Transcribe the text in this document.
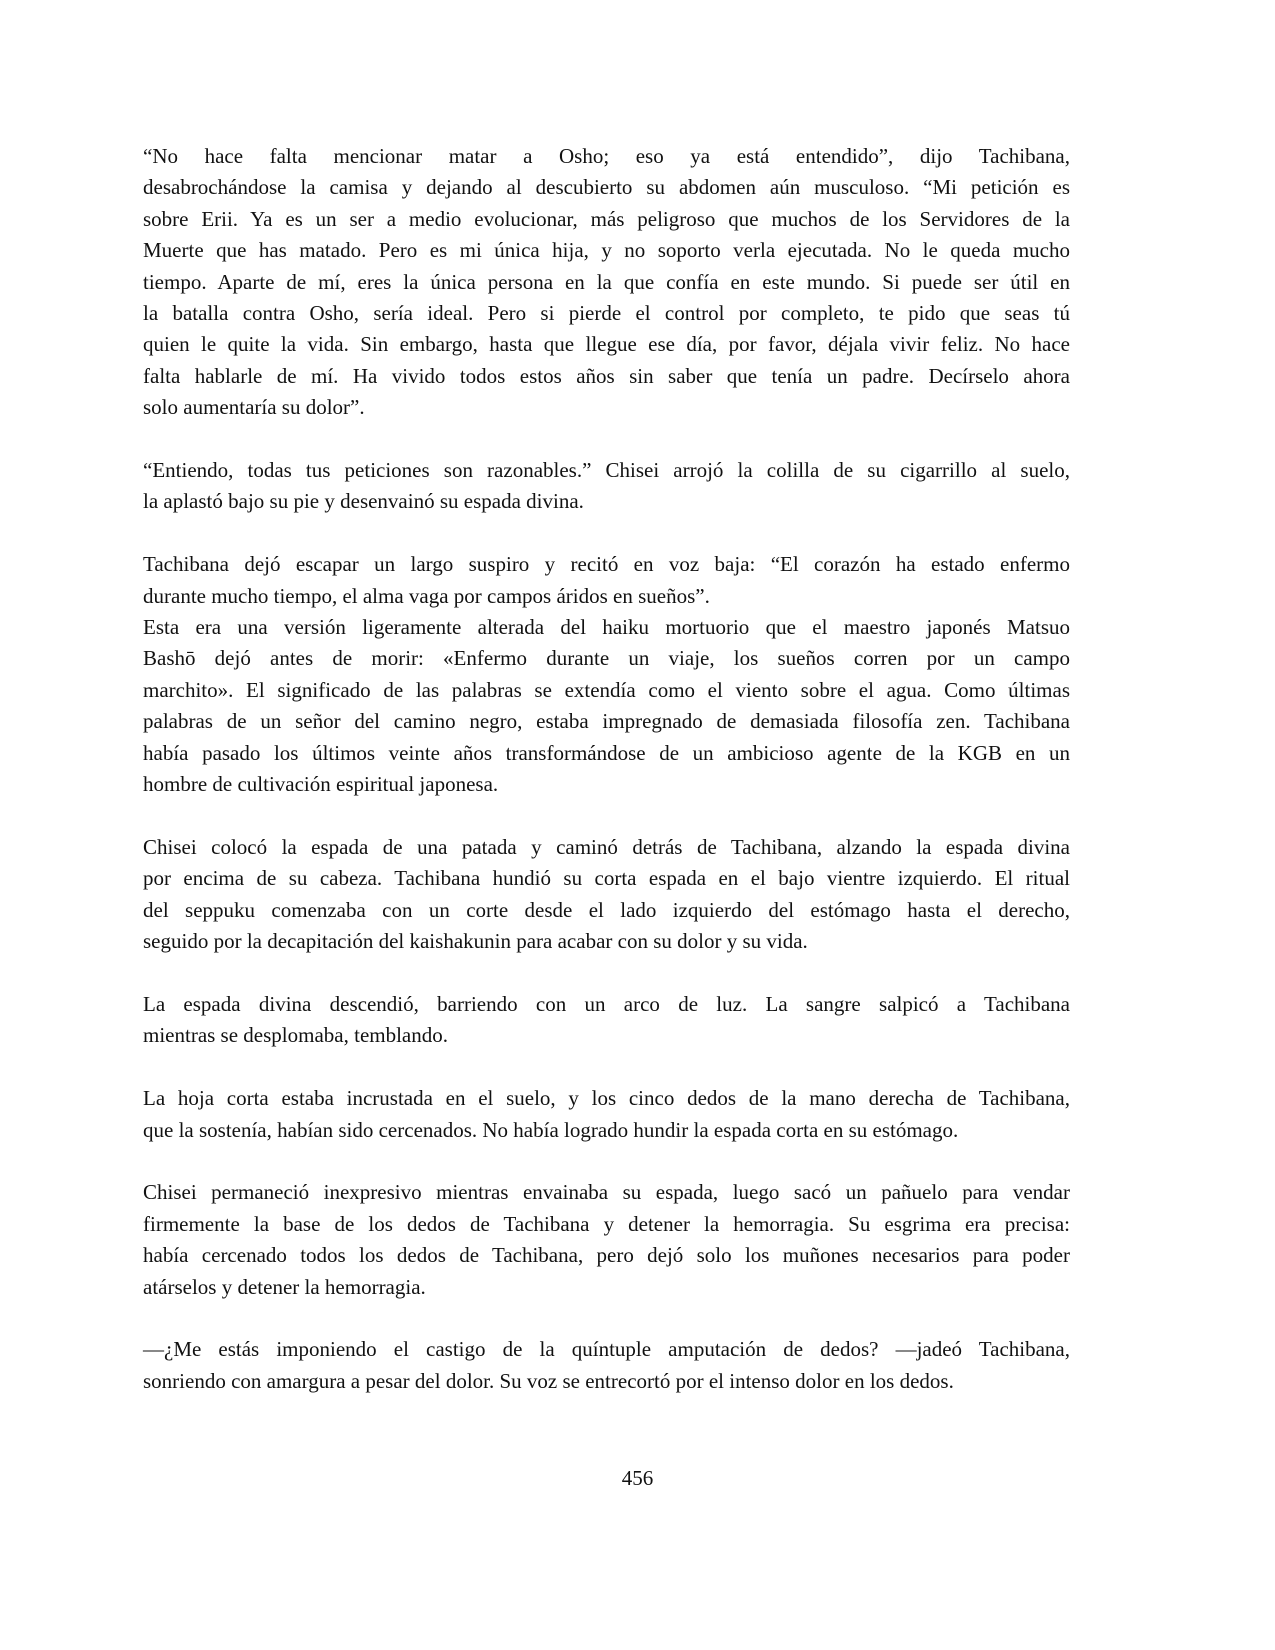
“No hace falta mencionar matar a Osho; eso ya está entendido”, dijo Tachibana,
desabrochándose la camisa y dejando al descubierto su abdomen aún musculoso. “Mi petición es
sobre Erii. Ya es un ser a medio evolucionar, más peligroso que muchos de los Servidores de la
Muerte que has matado. Pero es mi única hija, y no soporto verla ejecutada. No le queda mucho
tiempo. Aparte de mí, eres la única persona en la que confía en este mundo. Si puede ser útil en
la batalla contra Osho, sería ideal. Pero si pierde el control por completo, te pido que seas tú
quien le quite la vida. Sin embargo, hasta que llegue ese día, por favor, déjala vivir feliz. No hace
falta hablarle de mí. Ha vivido todos estos años sin saber que tenía un padre. Decírselo ahora
solo aumentaría su dolor”.
“Entiendo, todas tus peticiones son razonables.” Chisei arrojó la colilla de su cigarrillo al suelo,
la aplastó bajo su pie y desenvainó su espada divina.
Tachibana dejó escapar un largo suspiro y recitó en voz baja: “El corazón ha estado enfermo
durante mucho tiempo, el alma vaga por campos áridos en sueños”.
Esta era una versión ligeramente alterada del haiku mortuorio que el maestro japonés Matsuo
Bashō dejó antes de morir: «Enfermo durante un viaje, los sueños corren por un campo
marchito». El significado de las palabras se extendía como el viento sobre el agua. Como últimas
palabras de un señor del camino negro, estaba impregnado de demasiada filosofía zen. Tachibana
había pasado los últimos veinte años transformándose de un ambicioso agente de la KGB en un
hombre de cultivación espiritual japonesa.
Chisei colocó la espada de una patada y caminó detrás de Tachibana, alzando la espada divina
por encima de su cabeza. Tachibana hundió su corta espada en el bajo vientre izquierdo. El ritual
del seppuku comenzaba con un corte desde el lado izquierdo del estómago hasta el derecho,
seguido por la decapitación del kaishakunin para acabar con su dolor y su vida.
La espada divina descendió, barriendo con un arco de luz. La sangre salpicó a Tachibana
mientras se desplomaba, temblando.
La hoja corta estaba incrustada en el suelo, y los cinco dedos de la mano derecha de Tachibana,
que la sostenía, habían sido cercenados. No había logrado hundir la espada corta en su estómago.
Chisei permaneció inexpresivo mientras envainaba su espada, luego sacó un pañuelo para vendar
firmemente la base de los dedos de Tachibana y detener la hemorragia. Su esgrima era precisa:
había cercenado todos los dedos de Tachibana, pero dejó solo los muñones necesarios para poder
atárselos y detener la hemorragia.
—¿Me estás imponiendo el castigo de la quíntuple amputación de dedos? —jadeó Tachibana,
sonriendo con amargura a pesar del dolor. Su voz se entrecortó por el intenso dolor en los dedos.
456
